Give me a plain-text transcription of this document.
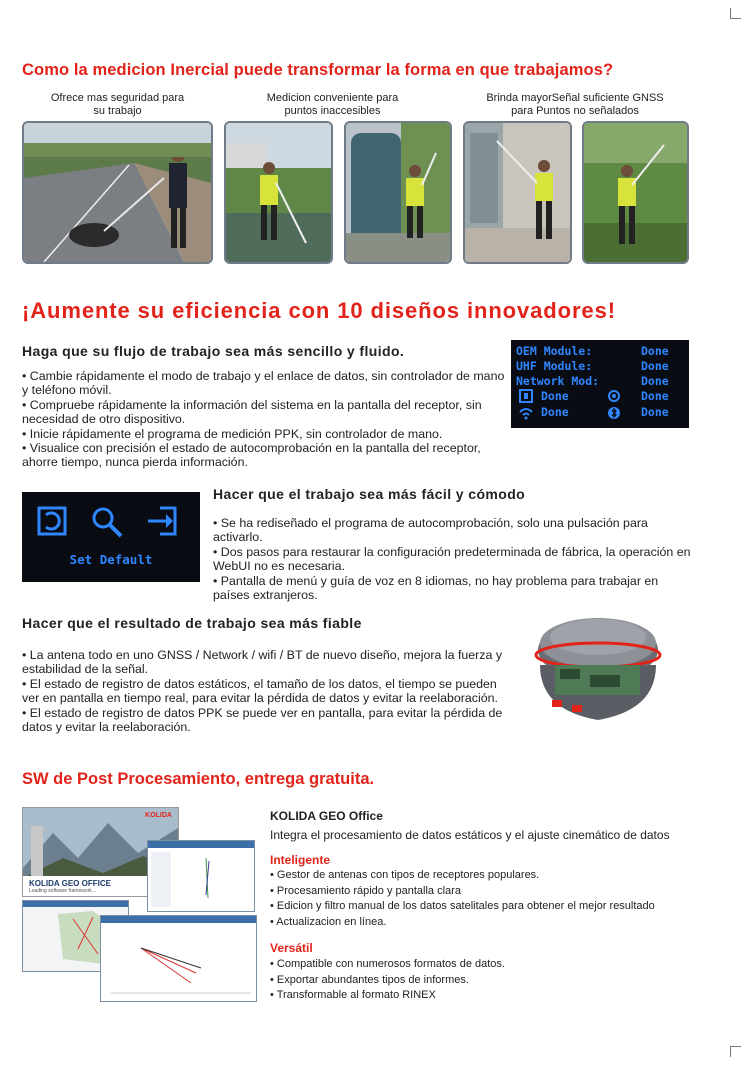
Como la medicion Inercial puede transformar la forma en que trabajamos?
Ofrece mas seguridad para
su trabajo
Medicion conveniente para
puntos inaccesibles
Brinda mayorSeñal suficiente GNSS
para Puntos no señalados
¡Aumente su eficiencia con 10 diseños innovadores!
Haga que su flujo de trabajo sea más sencillo y fluido.
• Cambie rápidamente el modo de trabajo y el enlace de datos, sin controlador de mano y teléfono móvil.
• Compruebe rápidamente la información del sistema en la pantalla del receptor, sin necesidad de otro dispositivo.
• Inicie rápidamente el programa de medición PPK, sin controlador de mano.
• Visualice con precisión el estado de autocomprobación en la pantalla del receptor, ahorre tiempo, nunca pierda información.
OEM Module:	Done
UHF Module:	Done
Network Mod:	Done
Done	Done
Done	Done
Set Default
Hacer que el trabajo sea más fácil y cómodo
• Se ha rediseñado el programa de autocomprobación, solo una pulsación para activarlo.
• Dos pasos para restaurar la configuración predeterminada de fábrica, la operación en WebUI no es necesaria.
• Pantalla de menú y guía de voz en 8 idiomas, no hay problema para trabajar en países extranjeros.
Hacer que el resultado de trabajo sea más fiable
• La antena todo en uno GNSS / Network / wifi / BT de nuevo diseño, mejora la fuerza y estabilidad de la señal.
• El estado de registro de datos estáticos, el tamaño de los datos, el tiempo se pueden ver en pantalla en tiempo real, para evitar la pérdida de datos y evitar la reelaboración.
• El estado de registro de datos PPK se puede ver en pantalla, para evitar la pérdida de datos y evitar la reelaboración.
SW de Post Procesamiento, entrega gratuita.
KOLIDA
KOLIDA GEO OFFICE
Loading software framework...
KOLIDA GEO Office
Integra el procesamiento de datos estáticos y el ajuste cinemático de datos
Inteligente
• Gestor de antenas con tipos de receptores populares.
• Procesamiento rápido y pantalla clara
• Edicion y filtro manual de los datos satelitales para obtener el mejor resultado
• Actualizacion en línea.
Versátil
• Compatible con numerosos formatos de datos.
• Exportar abundantes tipos de informes.
• Transformable al formato RINEX
